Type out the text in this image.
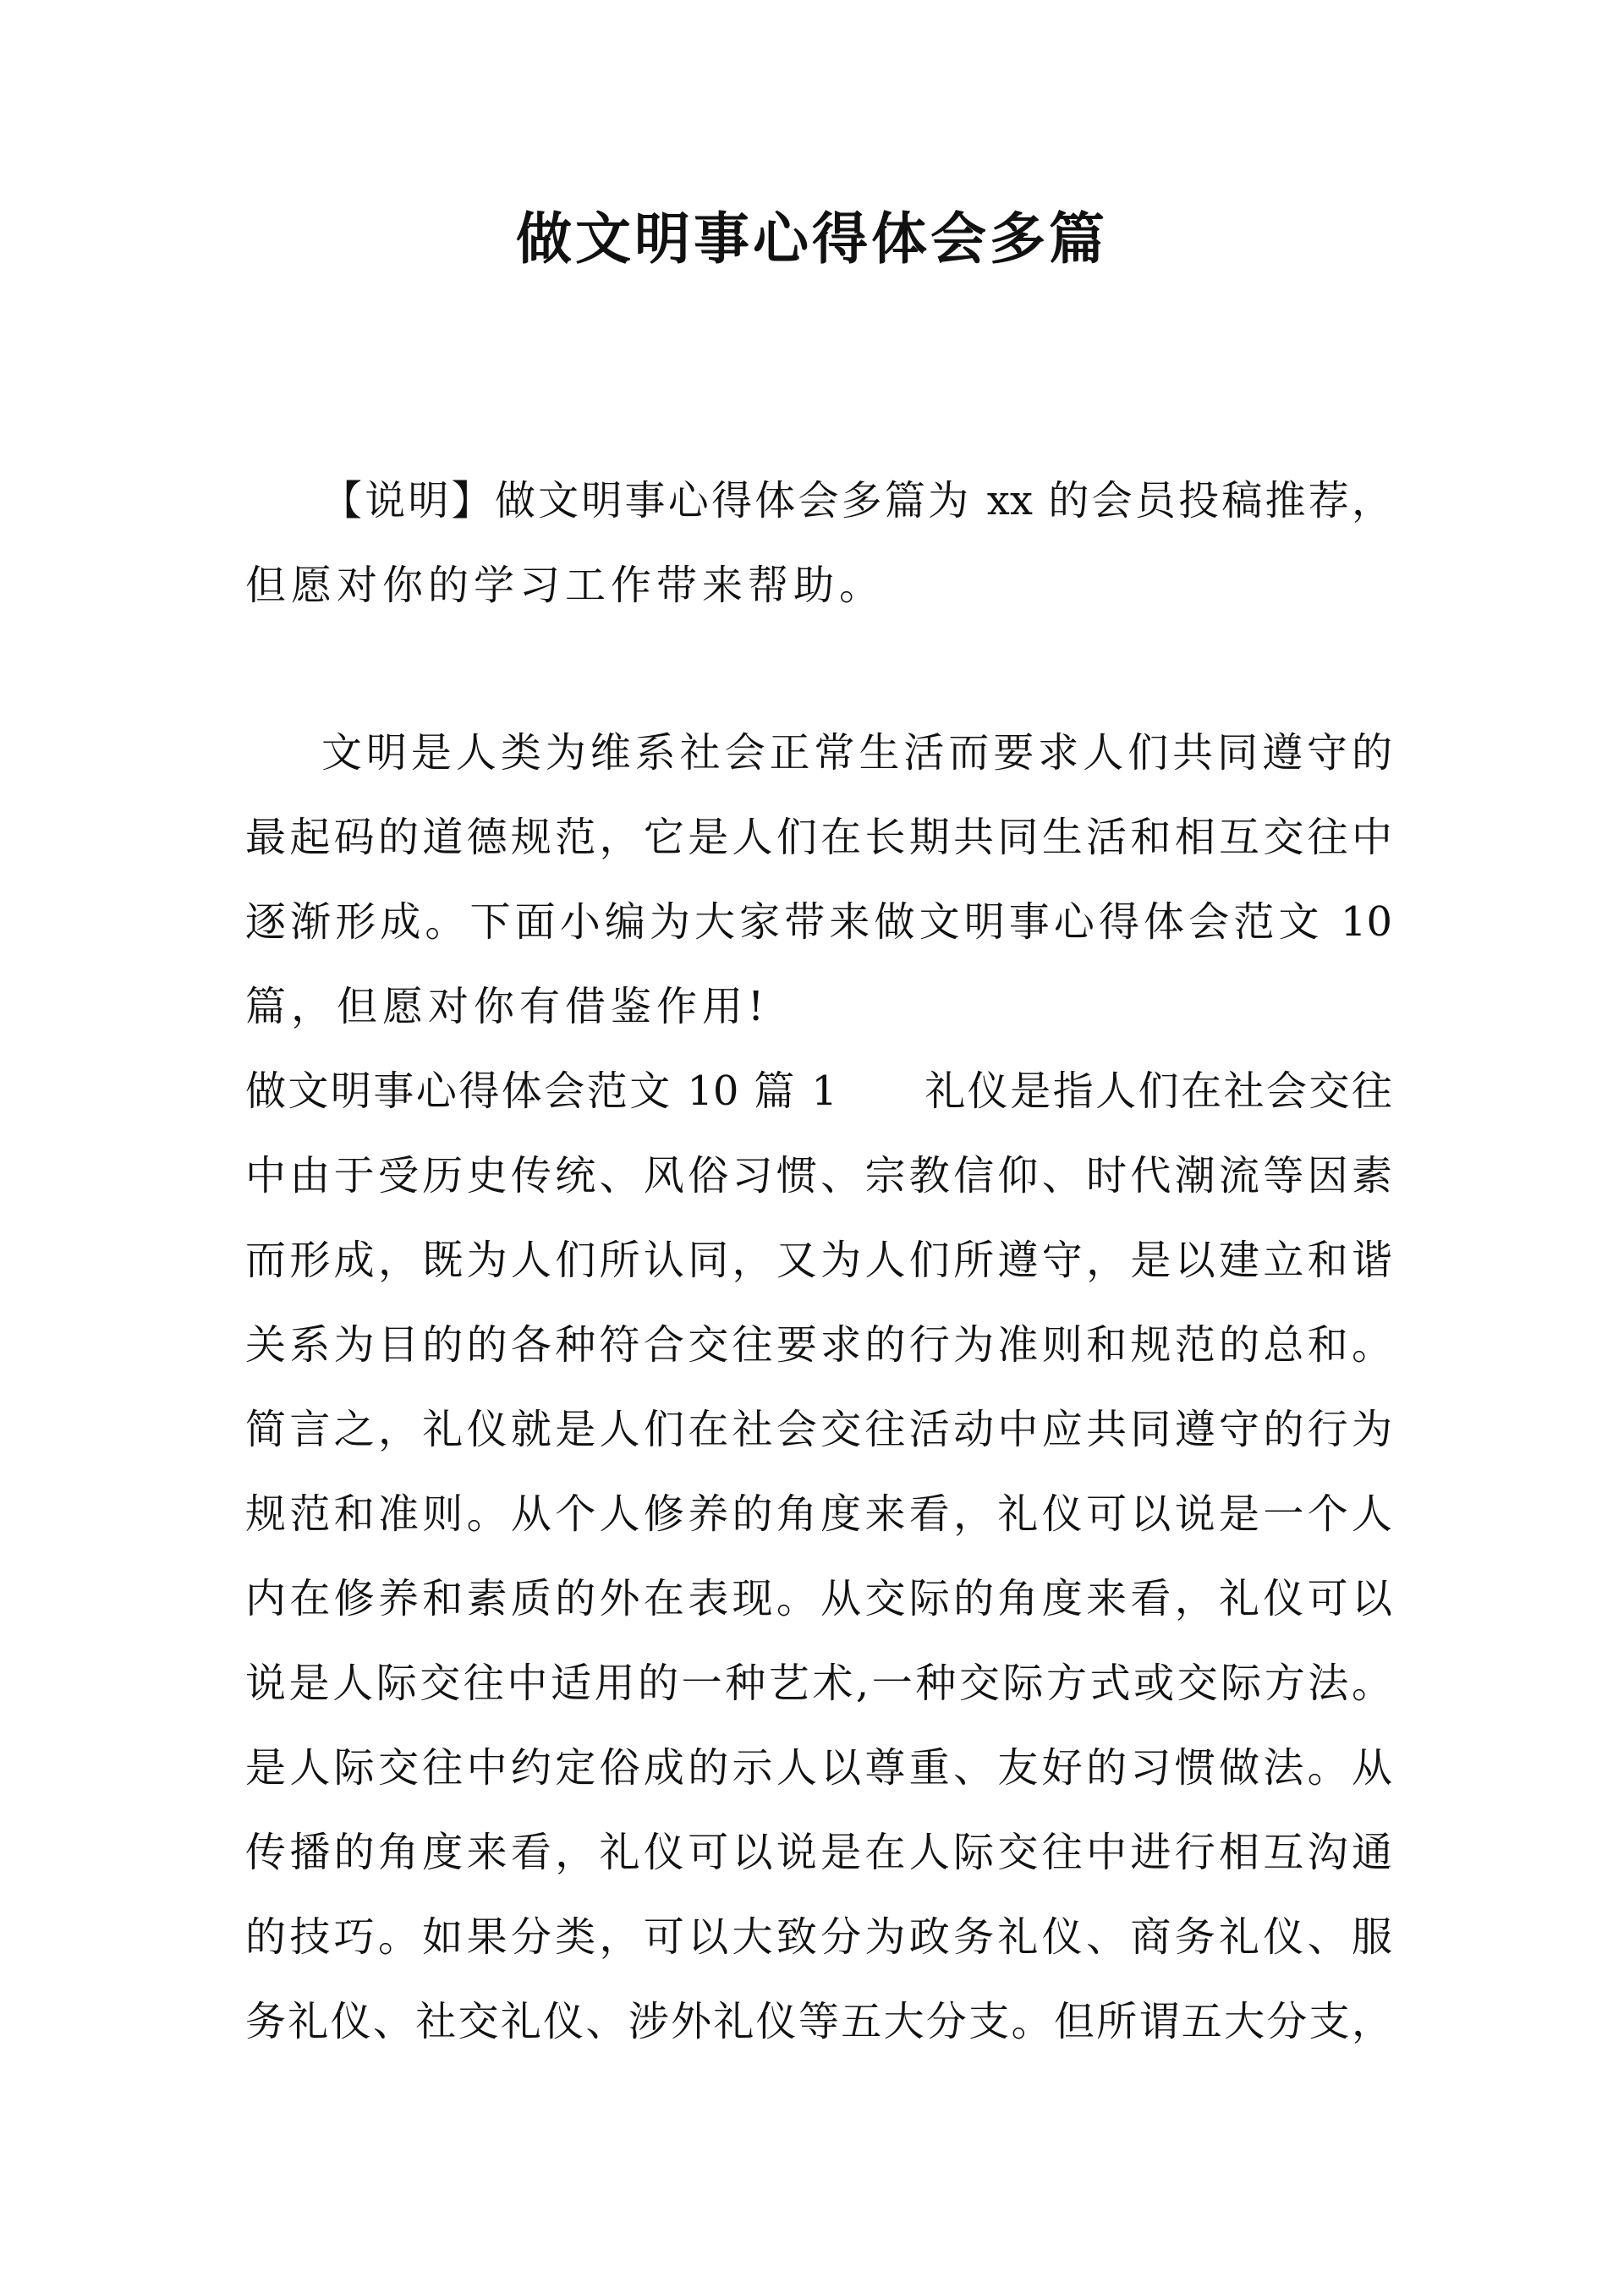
做文明事心得体会多篇
【说明】做文明事心得体会多篇为 xx 的会员投稿推荐，
但愿对你的学习工作带来帮助。
文明是人类为维系社会正常生活而要求人们共同遵守的
最起码的道德规范，它是人们在长期共同生活和相互交往中
逐渐形成。下面小编为大家带来做文明事心得体会范文 10
篇，但愿对你有借鉴作用!
做文明事心得体会范文 10 篇 1　　礼仪是指人们在社会交往
中由于受历史传统、风俗习惯、宗教信仰、时代潮流等因素
而形成，既为人们所认同，又为人们所遵守，是以建立和谐
关系为目的的各种符合交往要求的行为准则和规范的总和。
简言之，礼仪就是人们在社会交往活动中应共同遵守的行为
规范和准则。从个人修养的角度来看，礼仪可以说是一个人
内在修养和素质的外在表现。从交际的角度来看，礼仪可以
说是人际交往中适用的一种艺术,一种交际方式或交际方法。
是人际交往中约定俗成的示人以尊重、友好的习惯做法。从
传播的角度来看，礼仪可以说是在人际交往中进行相互沟通
的技巧。如果分类，可以大致分为政务礼仪、商务礼仪、服
务礼仪、社交礼仪、涉外礼仪等五大分支。但所谓五大分支，
